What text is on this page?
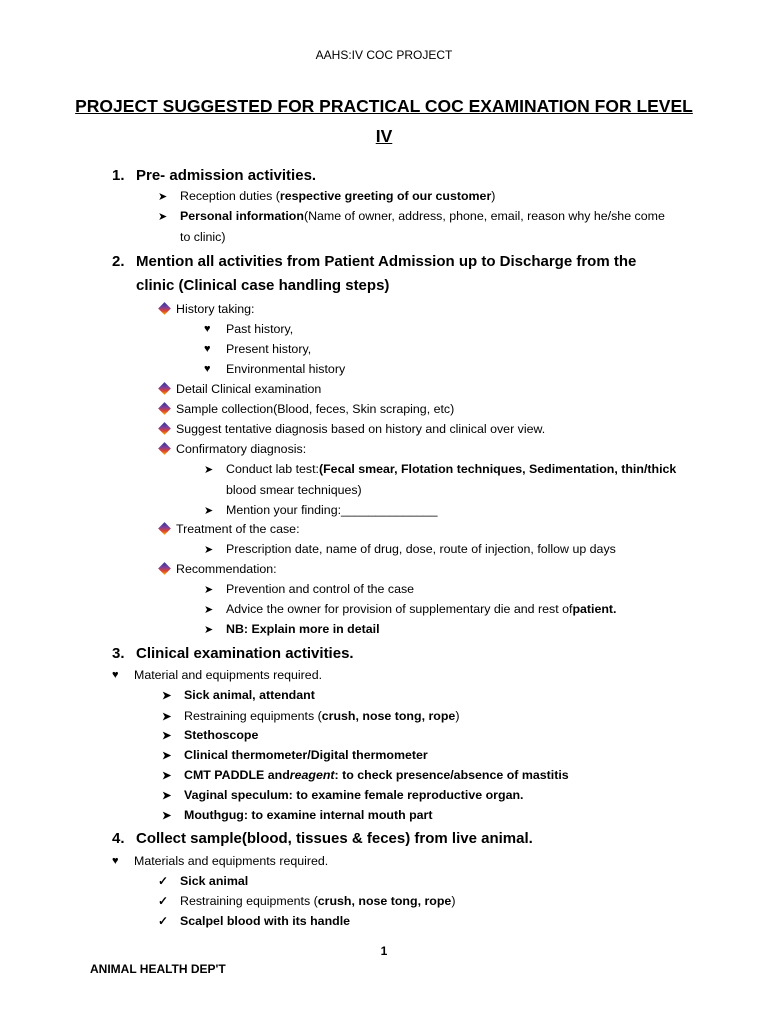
AAHS:IV COC PROJECT
PROJECT SUGGESTED FOR PRACTICAL COC EXAMINATION FOR LEVEL
IV
1. Pre- admission activities.
➤	Reception duties ( respective greeting of our customer )
➤	Personal information (Name of owner, address, phone, email, reason why he/she come
to clinic)
2. Mention all activities from Patient Admission up to Discharge from the
clinic (Clinical case handling steps)
History taking:
♥	Past history,
♥	Present history,
♥	Environmental history
Detail Clinical examination
Sample collection(Blood, feces, Skin scraping, etc)
Suggest tentative diagnosis based on history and clinical over view.
Confirmatory diagnosis:
➤	Conduct lab test: (Fecal smear, Flotation techniques, Sedimentation, thin/thick
blood smear techniques)
➤	Mention your finding:______________
Treatment of the case:
➤	Prescription date, name of drug, dose, route of injection, follow up days
Recommendation:
➤	Prevention and control of the case
➤	Advice the owner for provision of supplementary die and rest of patient.
➤	NB: Explain more in detail
3. Clinical examination activities.
♥	Material and equipments required.
➤	Sick animal, attendant
➤	Restraining equipments ( crush, nose tong, rope )
➤	Stethoscope
➤	Clinical thermometer/Digital thermometer
➤	CMT PADDLE and reagent : to check presence/absence of mastitis
➤	Vaginal speculum: to examine female reproductive organ.
➤	Mouthgug: to examine internal mouth part
4. Collect sample(blood, tissues & feces) from live animal.
♥	Materials and equipments required.
✓ Sick animal
✓ Restraining equipments ( crush, nose tong, rope )
✓ Scalpel blood with its handle
1
ANIMAL HEALTH DEP'T
